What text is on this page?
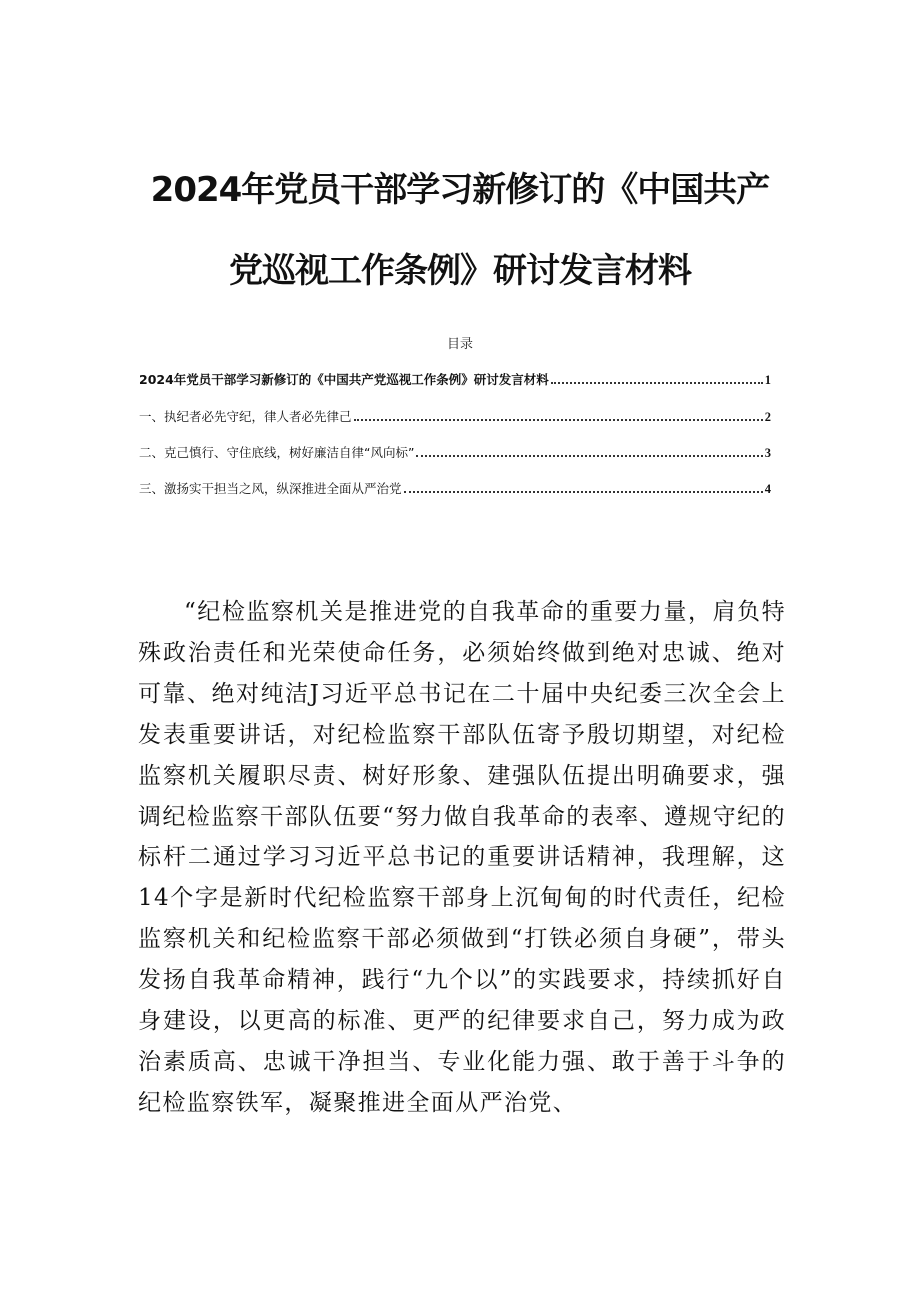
2024年党员干部学习新修订的《中国共产
党巡视工作条例》研讨发言材料
目录
2024年党员干部学习新修订的《中国共产党巡视工作条例》研讨发言材料	1
一、执纪者必先守纪，律人者必先律己	2
二、克己慎行、守住底线，树好廉洁自律“风向标”	3
三、激扬实干担当之风，纵深推进全面从严治党	4

“纪检监察机关是推进党的自我革命的重要力量，肩负特殊政治责任和光荣使命任务，必须始终做到绝对忠诚、绝对可靠、绝对纯洁J习近平总书记在二十届中央纪委三次全会上发表重要讲话，对纪检监察干部队伍寄予殷切期望，对纪检监察机关履职尽责、树好形象、建强队伍提出明确要求，强调纪检监察干部队伍要“努力做自我革命的表率、遵规守纪的标杆二通过学习习近平总书记的重要讲话精神，我理解，这14个字是新时代纪检监察干部身上沉甸甸的时代责任，纪检监察机关和纪检监察干部必须做到“打铁必须自身硬”，带头发扬自我革命精神，践行“九个以”的实践要求，持续抓好自身建设，以更高的标准、更严的纪律要求自己，努力成为政治素质高、忠诚干净担当、专业化能力强、敢于善于斗争的纪检监察铁军，凝聚推进全面从严治党、
